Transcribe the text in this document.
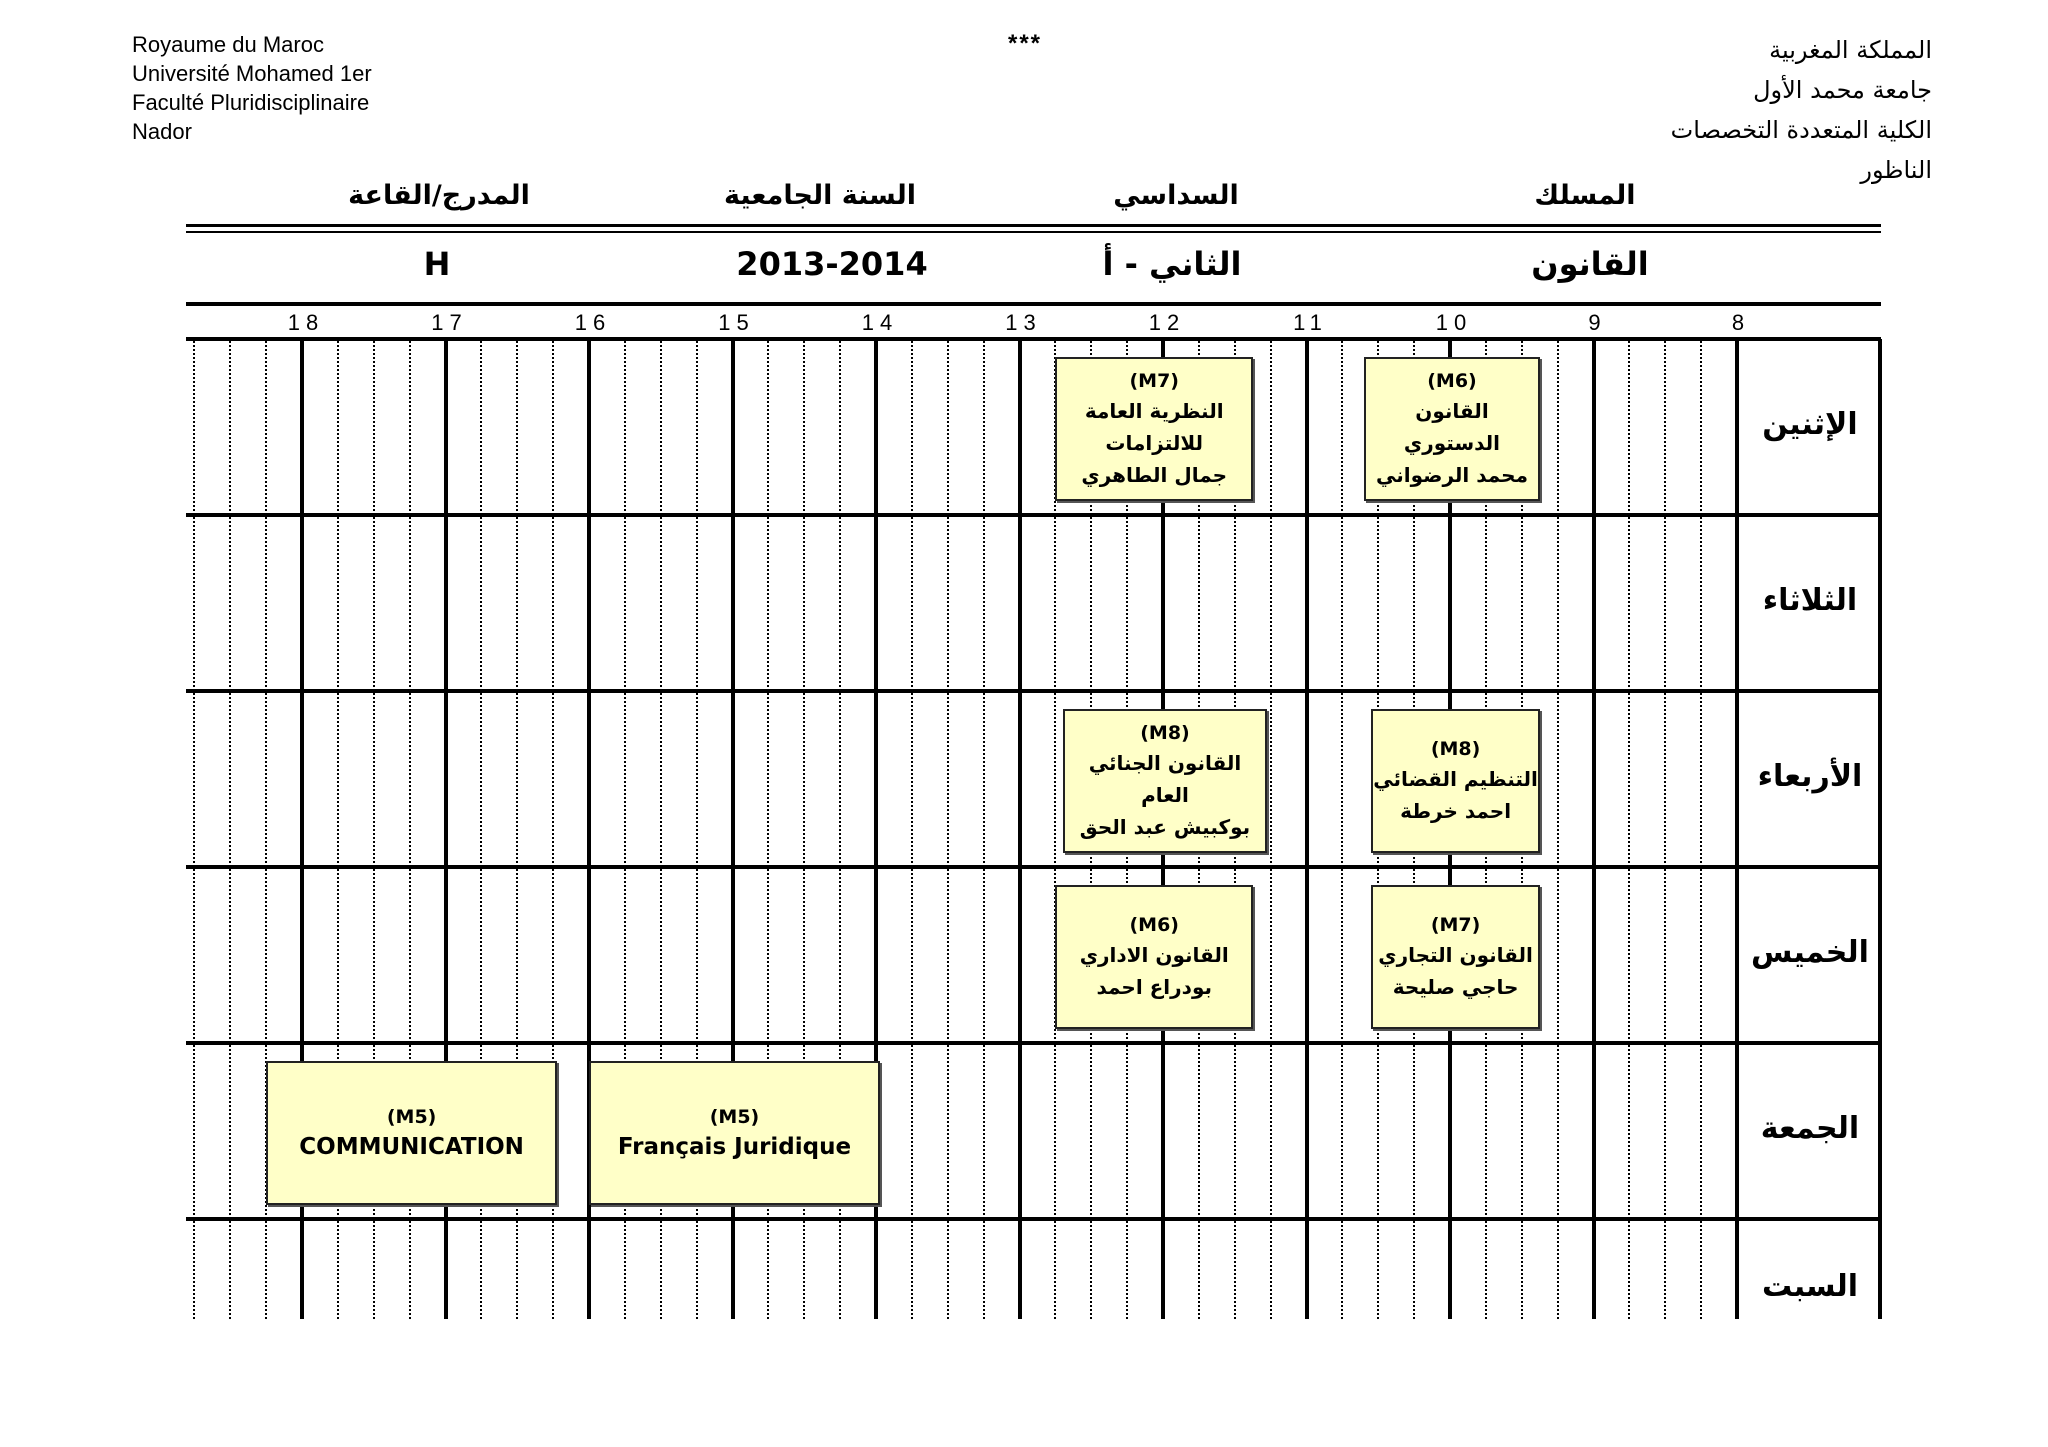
Royaume du Maroc
Université Mohamed 1er
Faculté Pluridisciplinaire
Nador
***	المملكة المغربية
جامعة محمد الأول
الكلية المتعددة التخصصات
الناظور
المسلك
السداسي
السنة الجامعية
المدرج/القاعة
القانون
الثاني - أ
2013-2014
H
8
9
10
11
12
13
14
15
16
17
18
الإثنين
الثلاثاء
الأربعاء
الخميس
الجمعة
السبت
(M6)
القانون الدستوري
محمد الرضواني
(M7)
النظرية العامة للالتزامات
جمال الطاهري
(M8)
التنظيم القضائي
احمد خرطة
(M8)
القانون الجنائي العام
بوكبيش عبد الحق
(M7)
القانون التجاري
حاجي صليحة
(M6)
القانون الاداري
بودراع احمد
(M5)
Français Juridique
(M5)
COMMUNICATION
